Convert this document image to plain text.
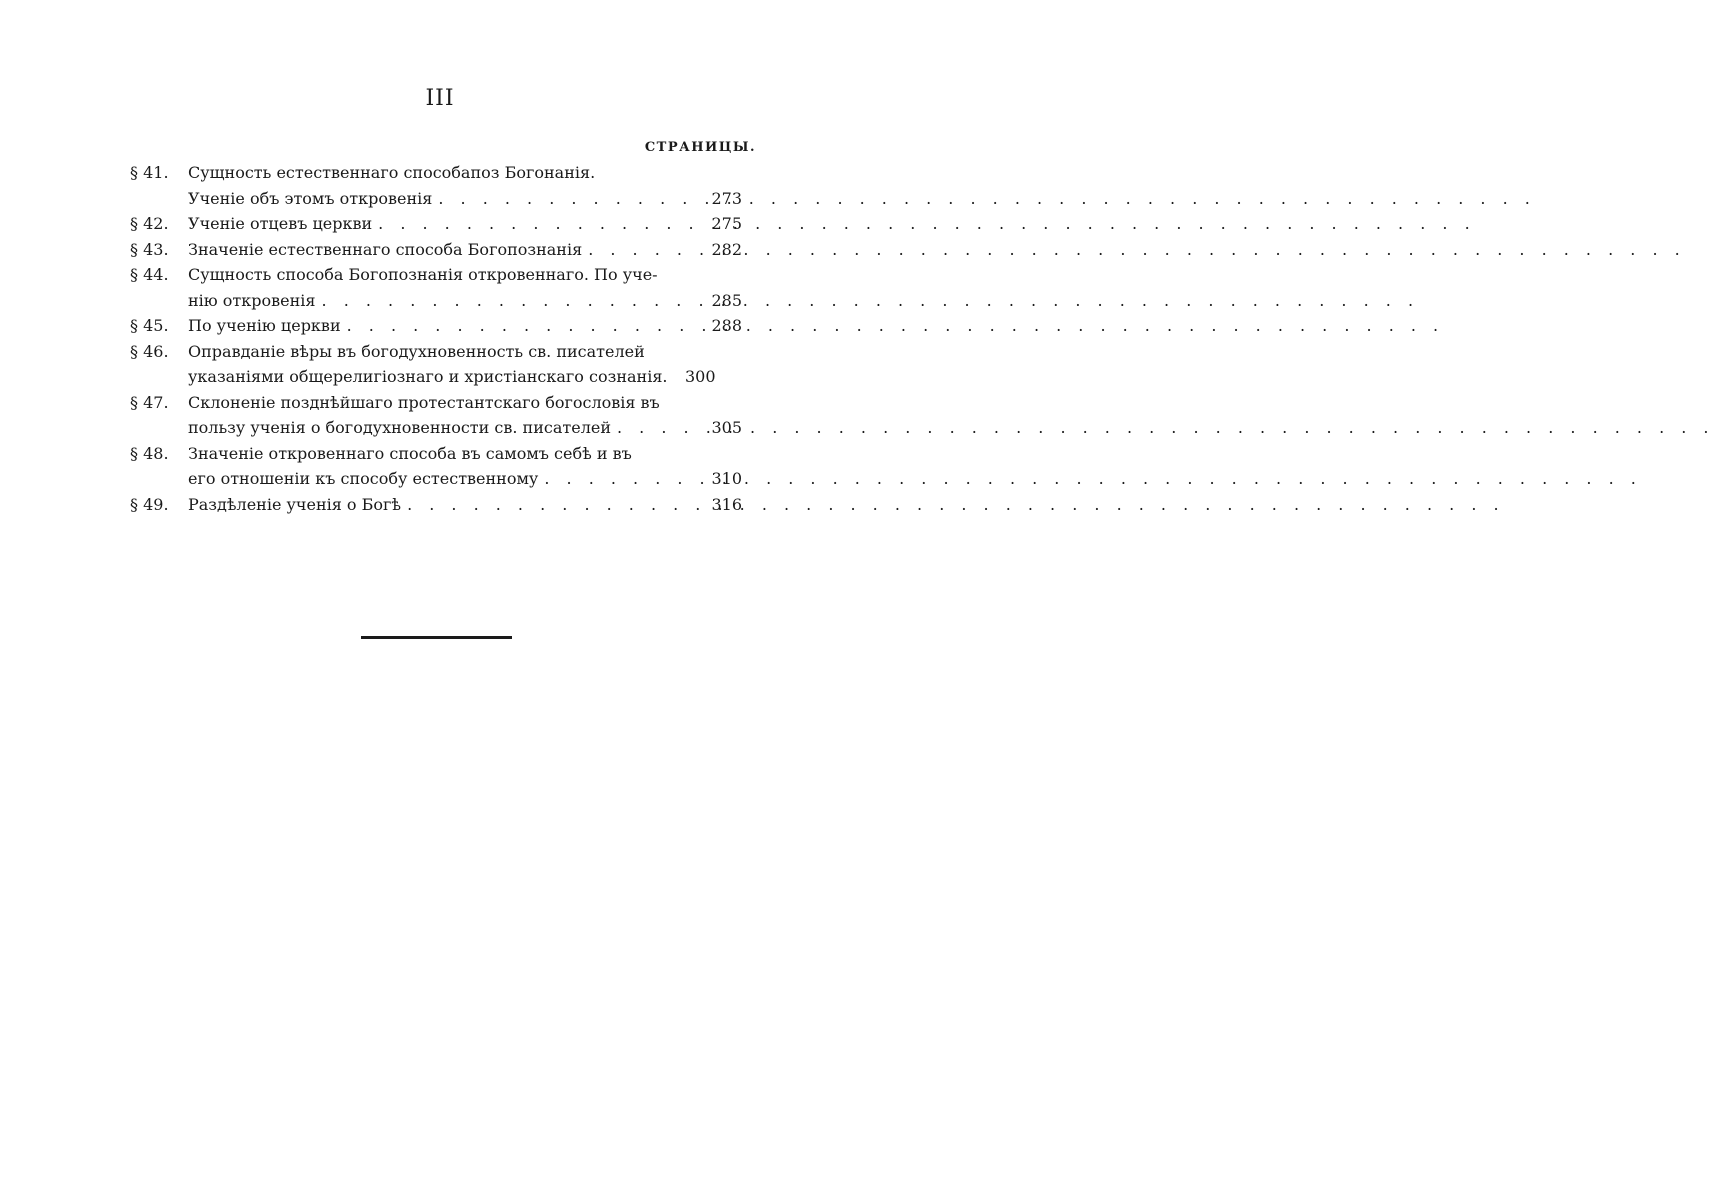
III
СТРАНИЦЫ.
§ 41.	Сущность естественнаго способапоз Богонанія.
Ученіе объ этомъ откровенія . . .	273
§ 42.	Ученіе отцевъ церкви . . .	275
§ 43.	Значеніе естественнаго способа Богопознанія . . .	282
§ 44.	Сущность способа Богопознанія откровеннаго. По уче-
нію откровенія . . .	285
§ 45.	По ученію церкви . . .	288
§ 46.	Оправданіе вѣры въ богодухновенность св. писателей
указаніями общерелигіознаго и христіанскаго сознанія.	300
§ 47.	Склоненіе позднѣйшаго протестантскаго богословія въ
пользу ученія о богодухновенности св. писателей . . .	305
§ 48.	Значеніе откровеннаго способа въ самомъ себѣ и въ
его отношеніи къ способу естественному . . .	310
§ 49.	Раздѣленіе ученія о Богѣ . . .	316
